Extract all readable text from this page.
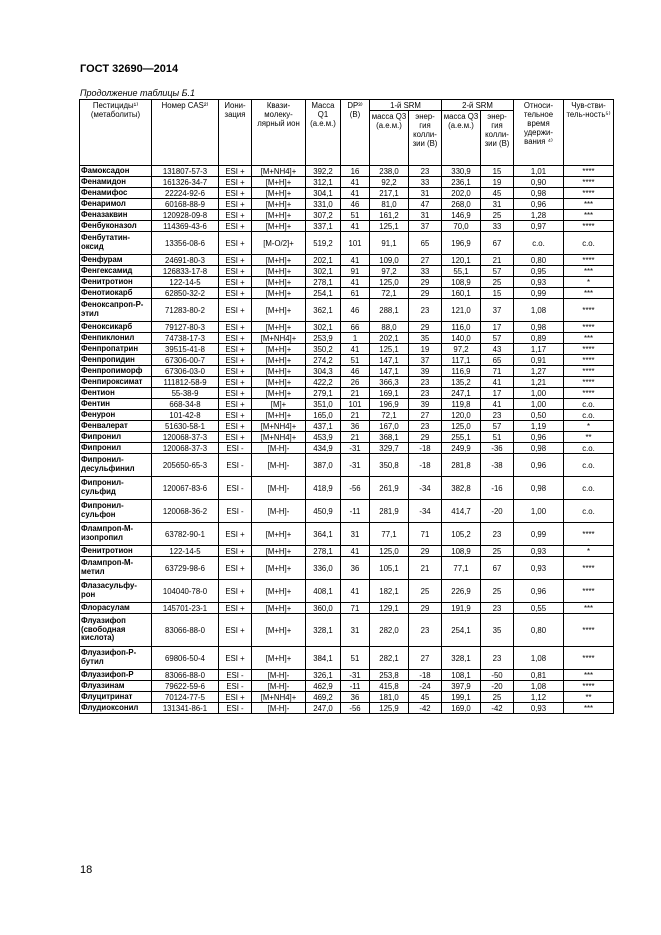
ГОСТ 32690—2014
Продолжение таблицы Б.1
Пестициды¹⁾ (метаболиты)	Номер CAS²⁾	Иони-зация	Квази-молеку-лярный ион	Масса Q1 (а.е.м.)	DP³⁾ (В)	1-й SRM		2-й SRM		Относи-тельное время удержи-вания ⁴⁾	Чув-стви-тель-ность⁵⁾
						масса Q3 (а.е.м.)	энер-гия колли-зии (В)	масса Q3 (а.е.м.)	энер-гия колли-зии (В)		
Фамоксадон	131807-57-3	ESI +	[M+NH4]+	392,2	16	238,0	23	330,9	15	1,01	****
Фенамидон	161326-34-7	ESI +	[M+H]+	312,1	41	92,2	33	236,1	19	0,90	****
Фенамифос	22224-92-6	ESI +	[M+H]+	304,1	41	217,1	31	202,0	45	0,98	****
Фенаримол	60168-88-9	ESI +	[M+H]+	331,0	46	81,0	47	268,0	31	0,96	***
Феназаквин	120928-09-8	ESI +	[M+H]+	307,2	51	161,2	31	146,9	25	1,28	***
Фенбуконазол	114369-43-6	ESI +	[M+H]+	337,1	41	125,1	37	70,0	33	0,97	****
Фенбутатин-оксид	13356-08-6	ESI +	[M-O/2]+	519,2	101	91,1	65	196,9	67	с.о.	с.о.
Фенфурам	24691-80-3	ESI +	[M+H]+	202,1	41	109,0	27	120,1	21	0,80	****
Фенгексамид	126833-17-8	ESI +	[M+H]+	302,1	91	97,2	33	55,1	57	0,95	***
Фенитротион	122-14-5	ESI +	[M+H]+	278,1	41	125,0	29	108,9	25	0,93	*
Фенотиокарб	62850-32-2	ESI +	[M+H]+	254,1	61	72,1	29	160,1	15	0,99	***
Феноксапроп-Р-этил	71283-80-2	ESI +	[M+H]+	362,1	46	288,1	23	121,0	37	1,08	****
Феноксикарб	79127-80-3	ESI +	[M+H]+	302,1	66	88,0	29	116,0	17	0,98	****
Фенпиклонил	74738-17-3	ESI +	[M+NH4]+	253,9	1	202,1	35	140,0	57	0,89	***
Фенпропатрин	39515-41-8	ESI +	[M+H]+	350,2	41	125,1	19	97,2	43	1,17	****
Фенпропидин	67306-00-7	ESI +	[M+H]+	274,2	51	147,1	37	117,1	65	0,91	****
Фенпропиморф	67306-03-0	ESI +	[M+H]+	304,3	46	147,1	39	116,9	71	1,27	****
Фенпироксимат	111812-58-9	ESI +	[M+H]+	422,2	26	366,3	23	135,2	41	1,21	****
Фентион	55-38-9	ESI +	[M+H]+	279,1	21	169,1	23	247,1	17	1,00	****
Фентин	668-34-8	ESI +	[M]+	351,0	101	196,9	39	119,8	41	1,00	с.о.
Фенурон	101-42-8	ESI +	[M+H]+	165,0	21	72,1	27	120,0	23	0,50	с.о.
Фенвалерат	51630-58-1	ESI +	[M+NH4]+	437,1	36	167,0	23	125,0	57	1,19	*
Фипронил	120068-37-3	ESI +	[M+NH4]+	453,9	21	368,1	29	255,1	51	0,96	**
Фипронил	120068-37-3	ESI -	[M-H]-	434,9	-31	329,7	-18	249,9	-36	0,98	с.о.
Фипронил-десульфинил	205650-65-3	ESI -	[M-H]-	387,0	-31	350,8	-18	281,8	-38	0,96	с.о.
Фипронил-сульфид	120067-83-6	ESI -	[M-H]-	418,9	-56	261,9	-34	382,8	-16	0,98	с.о.
Фипронил-сульфон	120068-36-2	ESI -	[M-H]-	450,9	-11	281,9	-34	414,7	-20	1,00	с.о.
Флампроп-М-изопропил	63782-90-1	ESI +	[M+H]+	364,1	31	77,1	71	105,2	23	0,99	****
Фенитротион	122-14-5	ESI +	[M+H]+	278,1	41	125,0	29	108,9	25	0,93	*
Флампроп-М-метил	63729-98-6	ESI +	[M+H]+	336,0	36	105,1	21	77,1	67	0,93	****
Флазасульфу-рон	104040-78-0	ESI +	[M+H]+	408,1	41	182,1	25	226,9	25	0,96	****
Флорасулам	145701-23-1	ESI +	[M+H]+	360,0	71	129,1	29	191,9	23	0,55	***
Флуазифоп (свободная кислота)	83066-88-0	ESI +	[M+H]+	328,1	31	282,0	23	254,1	35	0,80	****
Флуазифоп-Р-бутил	69806-50-4	ESI +	[M+H]+	384,1	51	282,1	27	328,1	23	1,08	****
Флуазифоп-Р	83066-88-0	ESI -	[M-H]-	326,1	-31	253,8	-18	108,1	-50	0,81	***
Флуазинам	79622-59-6	ESI -	[M-H]-	462,9	-11	415,8	-24	397,9	-20	1,08	****
Флуцитринат	70124-77-5	ESI +	[M+NH4]+	469,2	36	181,0	45	199,1	25	1,12	**
Флудиоксонил	131341-86-1	ESI -	[M-H]-	247,0	-56	125,9	-42	169,0	-42	0,93	***
18
